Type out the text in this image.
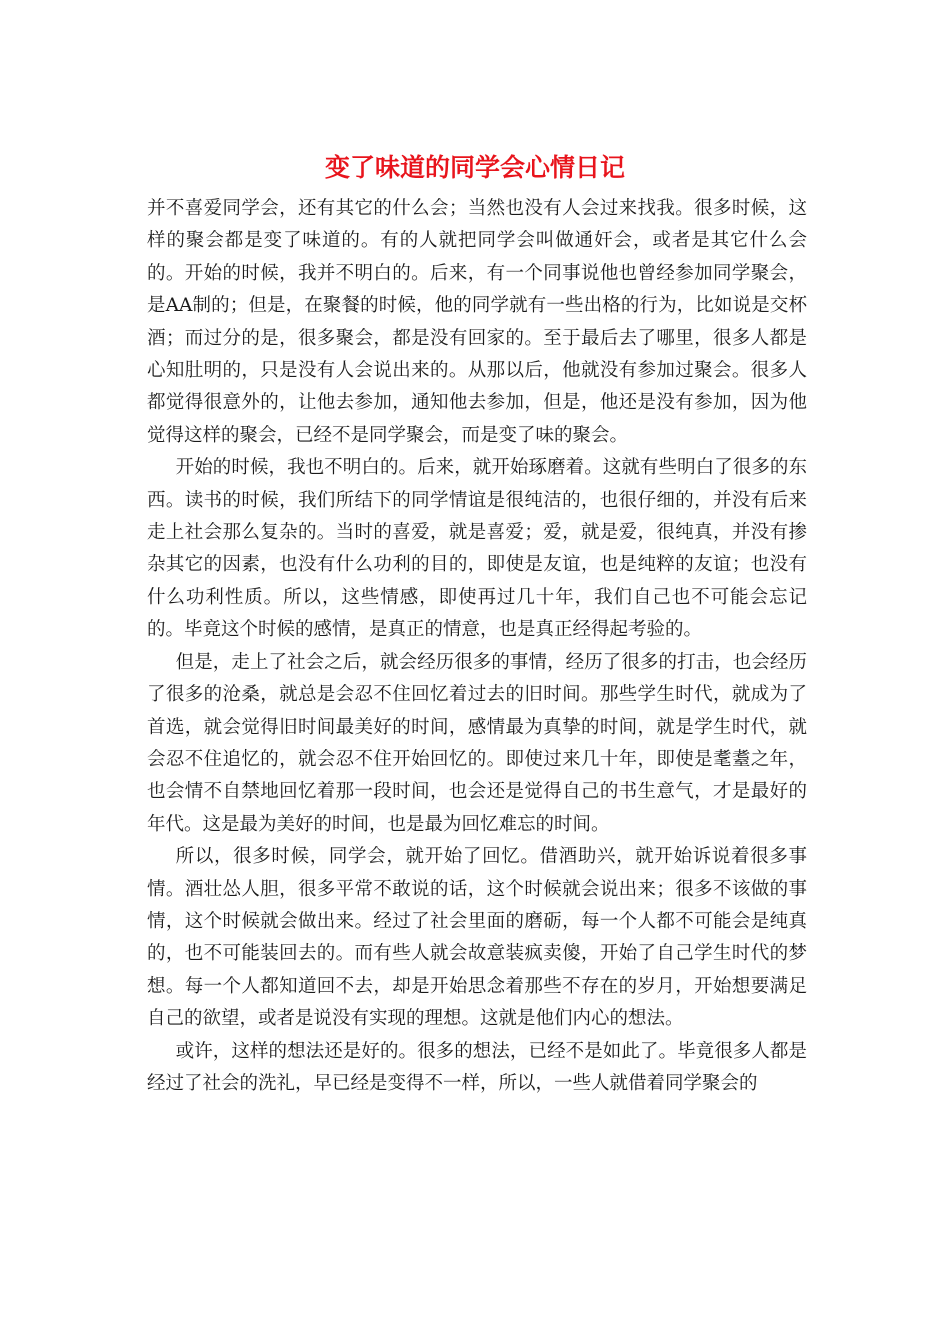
变了味道的同学会心情日记

并不喜爱同学会，还有其它的什么会；当然也没有人会过来找我。很多时候，这样的聚会都是变了味道的。有的人就把同学会叫做通奸会，或者是其它什么会的。开始的时候，我并不明白的。后来，有一个同事说他也曾经参加同学聚会，是AA制的；但是，在聚餐的时候，他的同学就有一些出格的行为，比如说是交杯酒；而过分的是，很多聚会，都是没有回家的。至于最后去了哪里，很多人都是心知肚明的，只是没有人会说出来的。从那以后，他就没有参加过聚会。很多人都觉得很意外的，让他去参加，通知他去参加，但是，他还是没有参加，因为他觉得这样的聚会，已经不是同学聚会，而是变了味的聚会。

开始的时候，我也不明白的。后来，就开始琢磨着。这就有些明白了很多的东西。读书的时候，我们所结下的同学情谊是很纯洁的，也很仔细的，并没有后来走上社会那么复杂的。当时的喜爱，就是喜爱；爱，就是爱，很纯真，并没有掺杂其它的因素，也没有什么功利的目的，即使是友谊，也是纯粹的友谊；也没有什么功利性质。所以，这些情感，即使再过几十年，我们自己也不可能会忘记的。毕竟这个时候的感情，是真正的情意，也是真正经得起考验的。

但是，走上了社会之后，就会经历很多的事情，经历了很多的打击，也会经历了很多的沧桑，就总是会忍不住回忆着过去的旧时间。那些学生时代，就成为了首选，就会觉得旧时间最美好的时间，感情最为真挚的时间，就是学生时代，就会忍不住追忆的，就会忍不住开始回忆的。即使过来几十年，即使是耄耋之年，也会情不自禁地回忆着那一段时间，也会还是觉得自己的书生意气，才是最好的年代。这是最为美好的时间，也是最为回忆难忘的时间。

所以，很多时候，同学会，就开始了回忆。借酒助兴，就开始诉说着很多事情。酒壮怂人胆，很多平常不敢说的话，这个时候就会说出来；很多不该做的事情，这个时候就会做出来。经过了社会里面的磨砺，每一个人都不可能会是纯真的，也不可能装回去的。而有些人就会故意装疯卖傻，开始了自己学生时代的梦想。每一个人都知道回不去，却是开始思念着那些不存在的岁月，开始想要满足自己的欲望，或者是说没有实现的理想。这就是他们内心的想法。

或许，这样的想法还是好的。很多的想法，已经不是如此了。毕竟很多人都是经过了社会的洗礼，早已经是变得不一样，所以，一些人就借着同学聚会的
